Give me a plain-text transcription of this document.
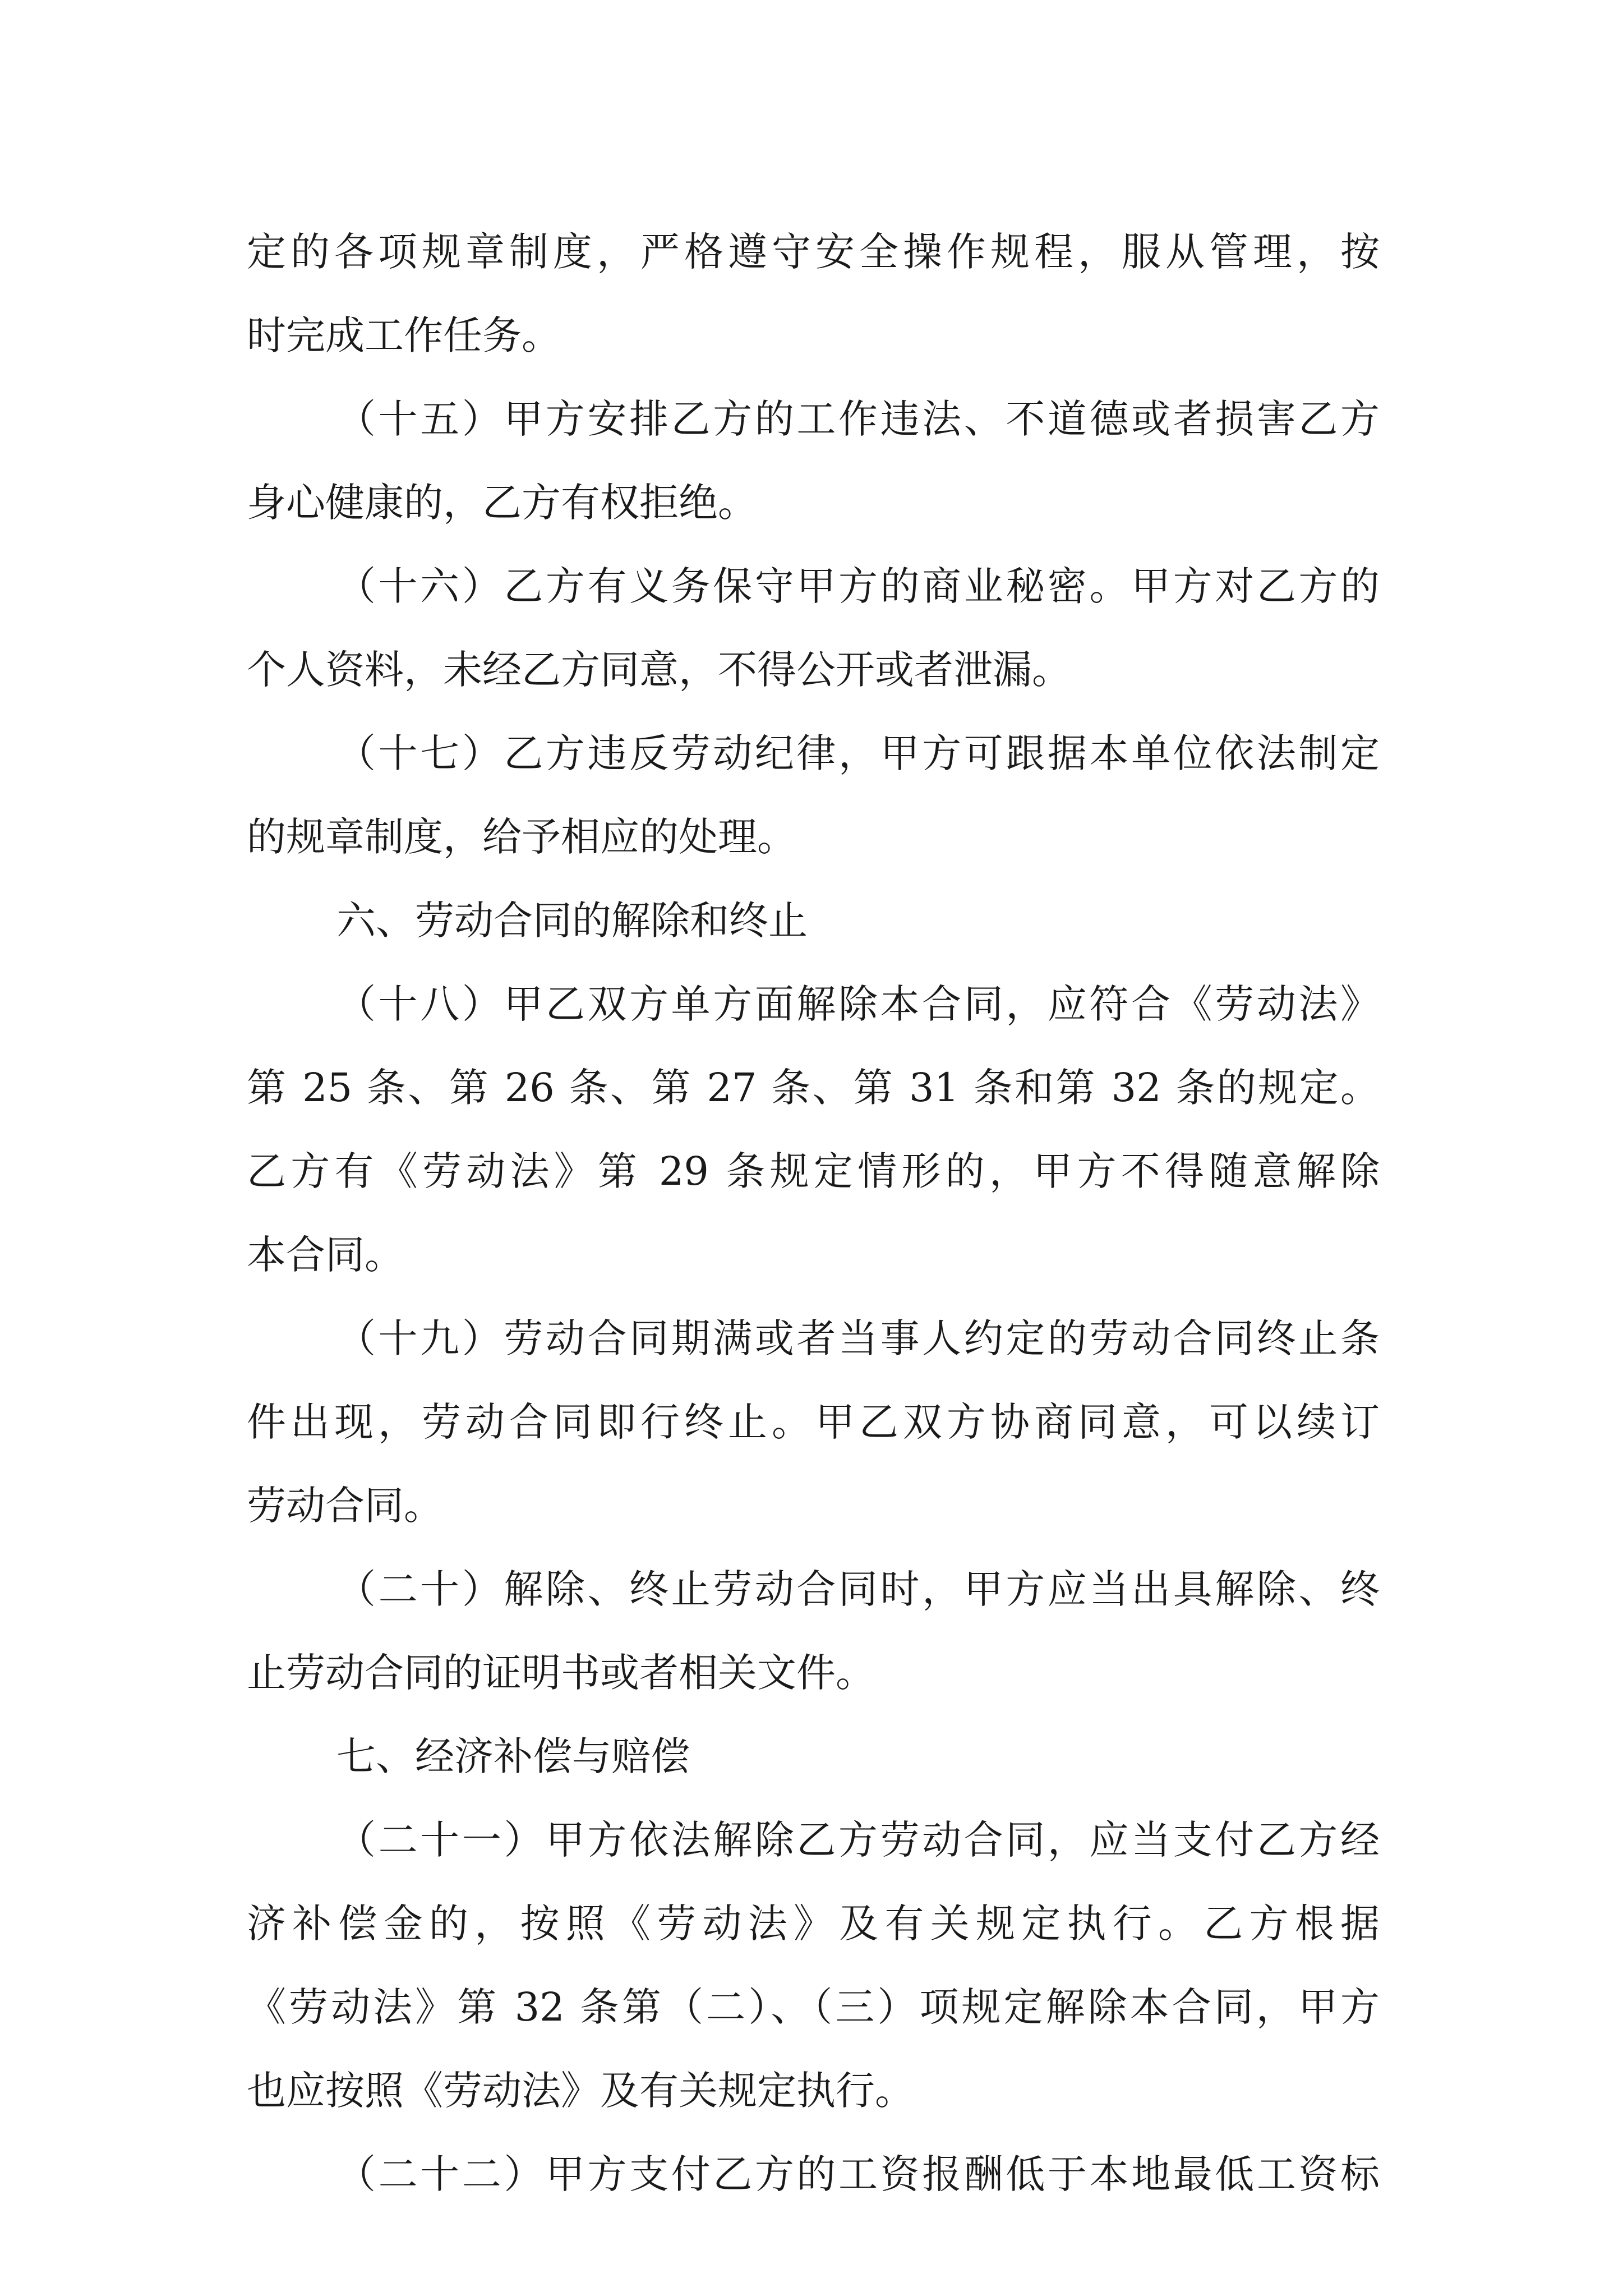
定的各项规章制度，严格遵守安全操作规程，服从管理，按
时完成工作任务。
（十五）甲方安排乙方的工作违法、不道德或者损害乙方
身心健康的，乙方有权拒绝。
（十六）乙方有义务保守甲方的商业秘密。甲方对乙方的
个人资料，未经乙方同意，不得公开或者泄漏。
（十七）乙方违反劳动纪律，甲方可跟据本单位依法制定
的规章制度，给予相应的处理。
六、劳动合同的解除和终止
（十八）甲乙双方单方面解除本合同，应符合《劳动法》
第 25 条、第 26 条、第 27 条、第 31 条和第 32 条的规定。
乙方有《劳动法》第 29 条规定情形的，甲方不得随意解除
本合同。
（十九）劳动合同期满或者当事人约定的劳动合同终止条
件出现，劳动合同即行终止。甲乙双方协商同意，可以续订
劳动合同。
（二十）解除、终止劳动合同时，甲方应当出具解除、终
止劳动合同的证明书或者相关文件。
七、经济补偿与赔偿
（二十一）甲方依法解除乙方劳动合同，应当支付乙方经
济补偿金的，按照《劳动法》及有关规定执行。乙方根据
《劳动法》第 32 条第（二）、（三）项规定解除本合同，甲方
也应按照《劳动法》及有关规定执行。
（二十二）甲方支付乙方的工资报酬低于本地最低工资标
